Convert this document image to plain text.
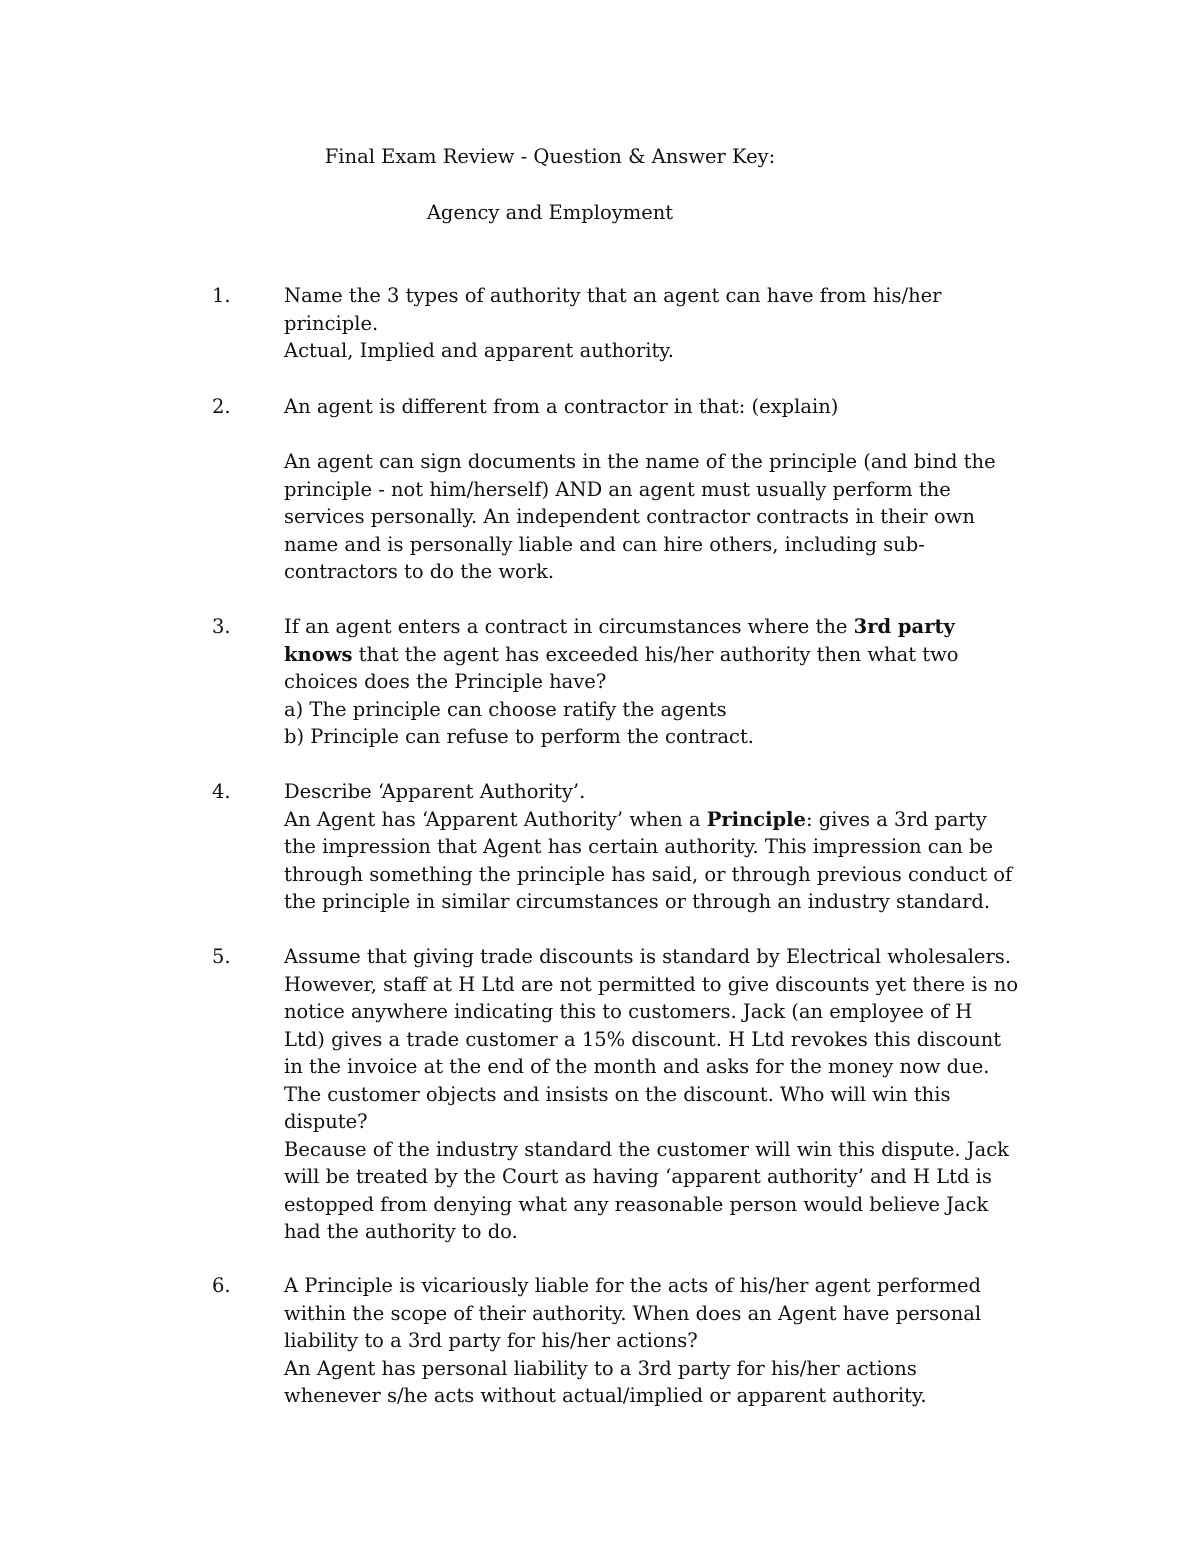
Final Exam Review - Question & Answer Key:
Agency and Employment
1.	Name the 3 types of authority that an agent can have from his/her
principle.
Actual, Implied and apparent authority.
2.	An agent is different from a contractor in that: (explain)
An agent can sign documents in the name of the principle (and bind the
principle - not him/herself) AND an agent must usually perform the
services personally. An independent contractor contracts in their own
name and is personally liable and can hire others, including sub-
contractors to do the work.
3.	If an agent enters a contract in circumstances where the 3rd party
knows that the agent has exceeded his/her authority then what two
choices does the Principle have?
a) The principle can choose ratify the agents
b) Principle can refuse to perform the contract.
4.	Describe ‘Apparent Authority’.
An Agent has ‘Apparent Authority’ when a Principle: gives a 3rd party
the impression that Agent has certain authority. This impression can be
through something the principle has said, or through previous conduct of
the principle in similar circumstances or through an industry standard.
5.	Assume that giving trade discounts is standard by Electrical wholesalers.
However, staff at H Ltd are not permitted to give discounts yet there is no
notice anywhere indicating this to customers. Jack (an employee of H
Ltd) gives a trade customer a 15% discount. H Ltd revokes this discount
in the invoice at the end of the month and asks for the money now due.
The customer objects and insists on the discount. Who will win this
dispute?
Because of the industry standard the customer will win this dispute. Jack
will be treated by the Court as having ‘apparent authority’ and H Ltd is
estopped from denying what any reasonable person would believe Jack
had the authority to do.
6.	A Principle is vicariously liable for the acts of his/her agent performed
within the scope of their authority. When does an Agent have personal
liability to a 3rd party for his/her actions?
An Agent has personal liability to a 3rd party for his/her actions
whenever s/he acts without actual/implied or apparent authority.
